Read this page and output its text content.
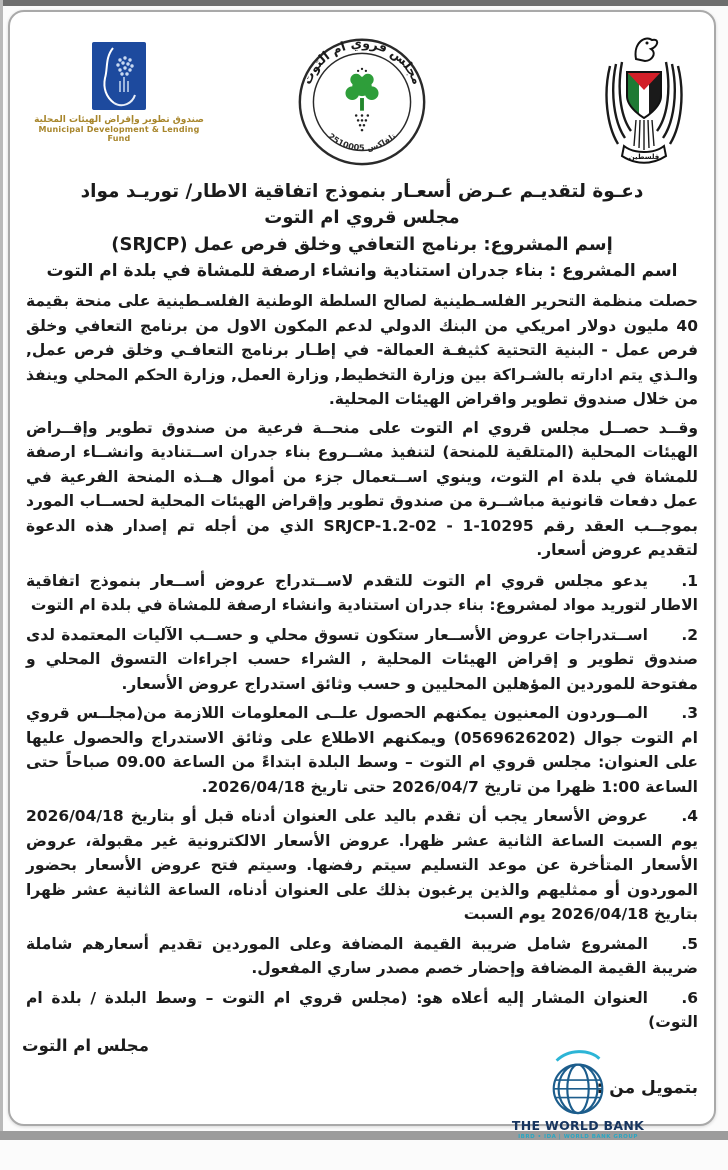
صندوق تطوير وإقراض الهيئات المحلية
Municipal Development & Lending Fund
مجلس قروي ام التوت
تلفاكس 2510005
فلسطين
دعـوة لتقديـم عـرض أسعـار بنموذج اتفاقية الاطار/ توريـد مواد
مجلس قروي ام التوت
إسم المشروع: برنامج التعافي وخلق فرص عمل (SRJCP)
اسم المشروع : بناء جدران استنادية وانشاء ارصفة للمشاة في بلدة ام التوت

حصلت منظمة التحرير الفلسـطينية لصالح السلطة الوطنية الفلسـطينية على منحة بقيمة 40 مليون دولار امريكي من البنك الدولي لدعم المكون الاول من برنامج التعافي وخلق فرص عمل - البنية التحتية كثيفـة العمالة- في إطـار برنامج التعافـي وخلق فرص عمل, والـذي يتم ادارته بالشـراكة بين وزارة التخطيط, وزارة العمل, وزارة الحكم المحلي وينفذ من خلال صندوق تطوير واقراض الهيئات المحلية.

وقــد حصــل مجلس قروي ام التوت على منحــة فرعية من صندوق تطوير وإقــراض الهيئات المحلية (المتلقية للمنحة) لتنفيذ مشــروع بناء جدران اســتنادية وانشــاء ارصفة للمشاة في بلدة ام التوت، وينوي اســتعمال جزء من أموال هــذه المنحة الفرعية في عمل دفعات قانونية مباشــرة من صندوق تطوير وإقراض الهيئات المحلية لحســاب المورد بموجــب العقد رقم 10295-1 - SRJCP-1.2-02 الذي من أجله تم إصدار هذه الدعوة لتقديم عروض أسعار.

.1
يدعو مجلس قروي ام التوت للتقدم لاســتدراج عروض أســعار بنموذج اتفاقية الاطار لتوريد مواد لمشروع: بناء جدران استنادية وانشاء ارصفة للمشاة في بلدة ام التوت
.2
اســتدراجات عروض الأســعار ستكون تسوق محلي و حســب الآليات المعتمدة لدى صندوق تطوير و إقراض الهيئات المحلية , الشراء حسب اجراءات التسوق المحلي و مفتوحة للموردين المؤهلين المحليين و حسب وثائق استدراج عروض الأسعار.
.3
المــوردون المعنيون يمكنهم الحصول علــى المعلومات اللازمة من(مجلــس قروي ام التوت جوال (0569626202) ويمكنهم الاطلاع على وثائق الاستدراج والحصول عليها على العنوان: مجلس قروي ام التوت – وسط البلدة ابتداءً من الساعة 09.00 صباحاً حتى الساعة 1:00 ظهرا من تاريخ 2026/04/7 حتى تاريخ 2026/04/18.
.4
عروض الأسعار يجب أن تقدم باليد على العنوان أدناه قبل أو بتاريخ 2026/04/18 يوم السبت الساعة الثانية عشر ظهرا. عروض الأسعار الالكترونية غير مقبولة، عروض الأسعار المتأخرة عن موعد التسليم سيتم رفضها. وسيتم فتح عروض الأسعار بحضور الموردون أو ممثليهم والذين يرغبون بذلك على العنوان أدناه، الساعة الثانية عشر ظهرا بتاريخ 2026/04/18 يوم السبت
.5
المشروع شامل ضريبة القيمة المضافة وعلى الموردين تقديم أسعارهم شاملة ضريبة القيمة المضافة وإحضار خصم مصدر ساري المفعول.
.6
العنوان المشار إليه أعلاه هو: (مجلس قروي ام التوت – وسط البلدة / بلدة ام التوت)
مجلس ام التوت
بتمويل من :
THE WORLD BANK
IBRD • IDA | WORLD BANK GROUP
